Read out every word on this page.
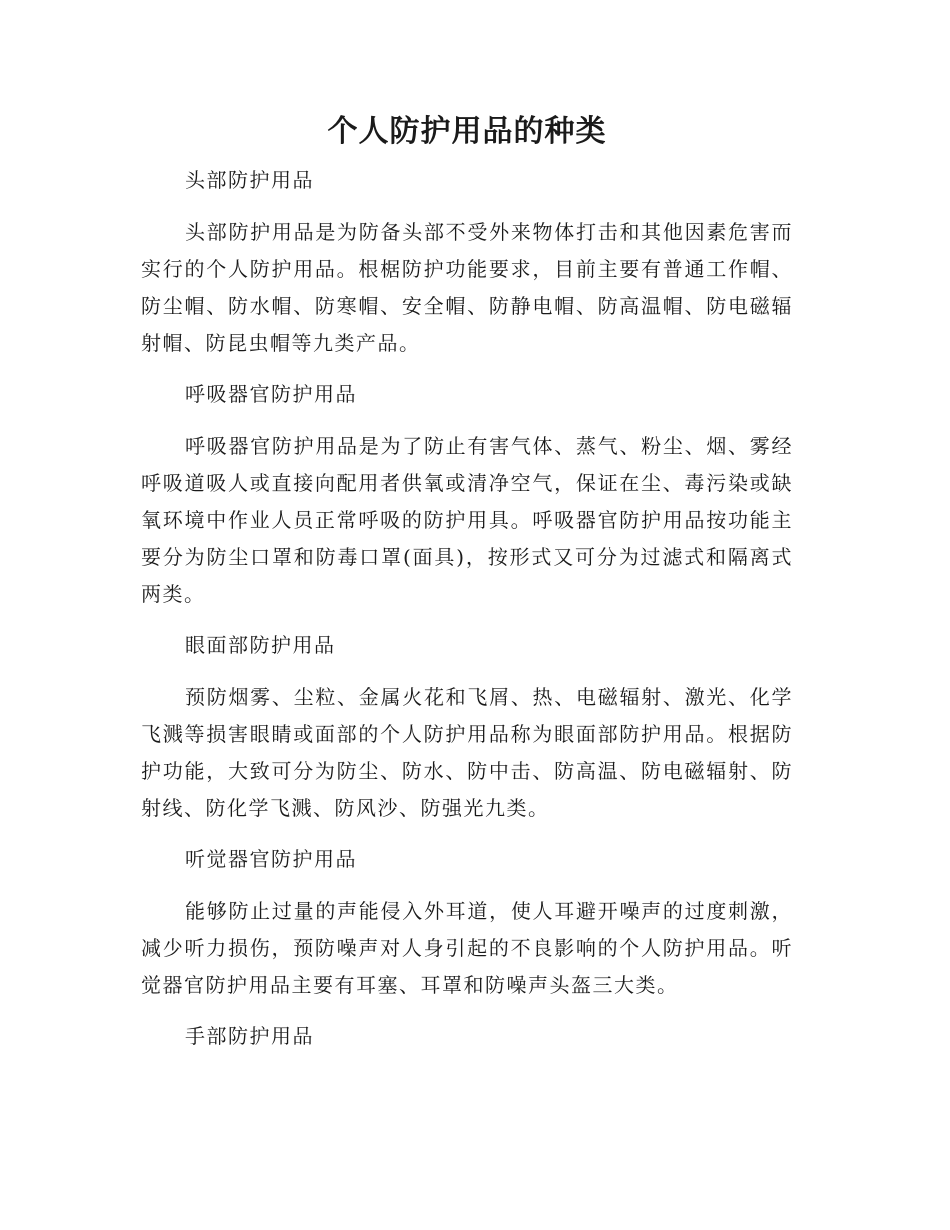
个人防护用品的种类

头部防护用品

头部防护用品是为防备头部不受外来物体打击和其他因素危害而实行的个人防护用品。根椐防护功能要求，目前主要有普通工作帽、防尘帽、防水帽、防寒帽、安全帽、防静电帽、防高温帽、防电磁辐射帽、防昆虫帽等九类产品。

呼吸器官防护用品

呼吸器官防护用品是为了防止有害气体、蒸气、粉尘、烟、雾经呼吸道吸人或直接向配用者供氧或清净空气，保证在尘、毒污染或缺氧环境中作业人员正常呼吸的防护用具。呼吸器官防护用品按功能主要分为防尘口罩和防毒口罩(面具)，按形式又可分为过滤式和隔离式两类。

眼面部防护用品

预防烟雾、尘粒、金属火花和飞屑、热、电磁辐射、激光、化学飞溅等损害眼睛或面部的个人防护用品称为眼面部防护用品。根据防护功能，大致可分为防尘、防水、防中击、防高温、防电磁辐射、防射线、防化学飞溅、防风沙、防强光九类。

听觉器官防护用品

能够防止过量的声能侵入外耳道，使人耳避开噪声的过度刺激，减少听力损伤，预防噪声对人身引起的不良影响的个人防护用品。听觉器官防护用品主要有耳塞、耳罩和防噪声头盔三大类。

手部防护用品
